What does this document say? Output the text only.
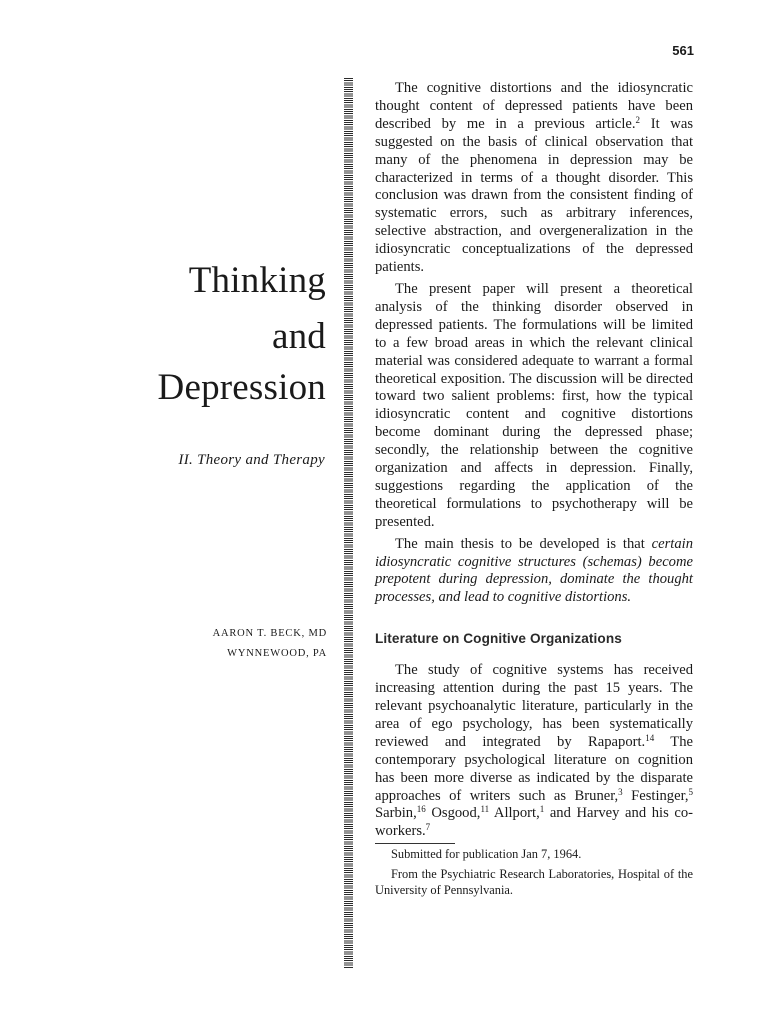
561
Thinking
and
Depression
II. Theory and Therapy
AARON T. BECK, MD
WYNNEWOOD, PA

The cognitive distortions and the idiosyncratic thought content of depressed patients have been described by me in a previous article.$^2$ It was suggested on the basis of clinical observation that many of the phenomena in depression may be characterized in terms of a thought disorder. This conclusion was drawn from the consistent finding of systematic errors, such as arbitrary inferences, selective abstraction, and overgeneralization in the idiosyncratic conceptualizations of the depressed patients.

The present paper will present a theoretical analysis of the thinking disorder observed in depressed patients. The formulations will be limited to a few broad areas in which the relevant clinical material was considered adequate to warrant a formal theoretical exposition. The discussion will be directed toward two salient problems: first, how the typical idiosyncratic content and cognitive distortions become dominant during the depressed phase; secondly, the relationship between the cognitive organization and affects in depression. Finally, suggestions regarding the application of the theoretical formulations to psychotherapy will be presented.

The main thesis to be developed is that certain idiosyncratic cognitive structures (schemas) become prepotent during depression, dominate the thought processes, and lead to cognitive distortions.

Literature on Cognitive Organizations

The study of cognitive systems has received increasing attention during the past 15 years. The relevant psychoanalytic literature, particularly in the area of ego psychology, has been systematically reviewed and integrated by Rapaport.$^{14}$ The contemporary psychological literature on cognition has been more diverse as indicated by the disparate approaches of writers such as Bruner,$^3$ Festinger,$^5$ Sarbin,$^{16}$ Osgood,$^{11}$ Allport,$^1$ and Harvey and his co-workers.$^7$

Submitted for publication Jan 7, 1964.

From the Psychiatric Research Laboratories, Hospital of the University of Pennsylvania.
